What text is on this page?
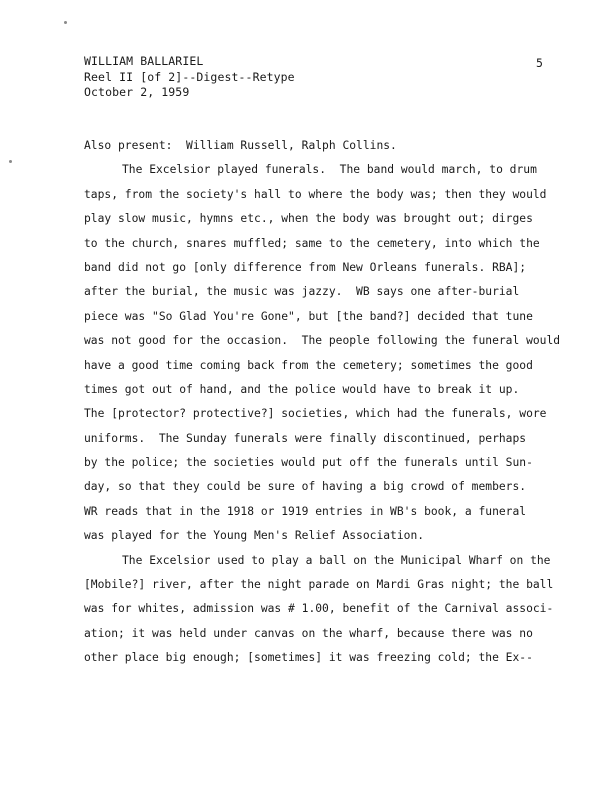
WILLIAM BALLARIEL
Reel II [of 2]--Digest--Retype
October 2, 1959
5
Also present:  William Russell, Ralph Collins.
The Excelsior played funerals.  The band would march, to drum
taps, from the society's hall to where the body was; then they would
play slow music, hymns etc., when the body was brought out; dirges
to the church, snares muffled; same to the cemetery, into which the
band did not go [only difference from New Orleans funerals. RBA];
after the burial, the music was jazzy.  WB says one after-burial
piece was "So Glad You're Gone", but [the band?] decided that tune
was not good for the occasion.  The people following the funeral would
have a good time coming back from the cemetery; sometimes the good
times got out of hand, and the police would have to break it up.
The [protector? protective?] societies, which had the funerals, wore
uniforms.  The Sunday funerals were finally discontinued, perhaps
by the police; the societies would put off the funerals until Sun-
day, so that they could be sure of having a big crowd of members.
WR reads that in the 1918 or 1919 entries in WB's book, a funeral
was played for the Young Men's Relief Association.
The Excelsior used to play a ball on the Municipal Wharf on the
[Mobile?] river, after the night parade on Mardi Gras night; the ball
was for whites, admission was # 1.00, benefit of the Carnival associ-
ation; it was held under canvas on the wharf, because there was no
other place big enough; [sometimes] it was freezing cold; the Ex--
